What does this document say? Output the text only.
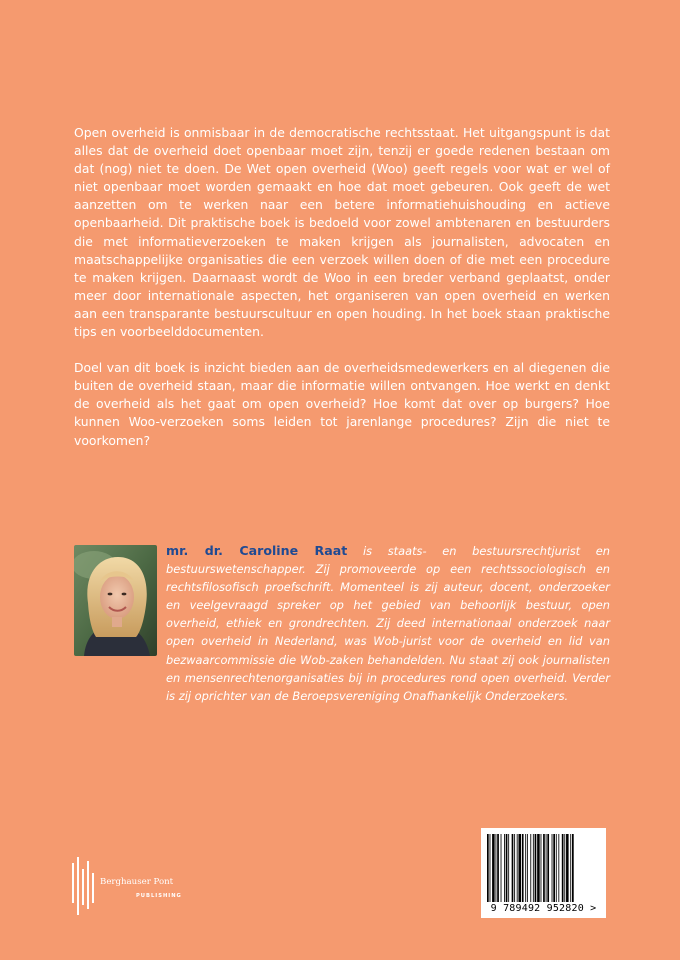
Open overheid is onmisbaar in de democratische rechtsstaat. Het uitgangspunt is dat alles dat de overheid doet openbaar moet zijn, tenzij er goede redenen bestaan om dat (nog) niet te doen. De Wet open overheid (Woo) geeft regels voor wat er wel of niet openbaar moet worden gemaakt en hoe dat moet gebeuren. Ook geeft de wet aanzetten om te werken naar een betere informatiehuishouding en actieve openbaarheid. Dit praktische boek is bedoeld voor zowel ambtenaren en bestuurders die met informatieverzoeken te maken krijgen als journalisten, advocaten en maatschappelijke organisaties die een verzoek willen doen of die met een procedure te maken krijgen. Daarnaast wordt de Woo in een breder verband geplaatst, onder meer door internationale aspecten, het organiseren van open overheid en werken aan een transparante bestuurscultuur en open houding. In het boek staan praktische tips en voorbeelddocumenten.

Doel van dit boek is inzicht bieden aan de overheidsmedewerkers en al diegenen die buiten de overheid staan, maar die informatie willen ontvangen. Hoe werkt en denkt de overheid als het gaat om open overheid? Hoe komt dat over op burgers? Hoe kunnen Woo-verzoeken soms leiden tot jarenlange procedures? Zijn die niet te voorkomen?

mr. dr. Caroline Raat is staats- en bestuursrechtjurist en bestuurswetenschapper. Zij promoveerde op een rechtssociologisch en rechtsfilosofisch proefschrift. Momenteel is zij auteur, docent, onderzoeker en veelgevraagd spreker op het gebied van behoorlijk bestuur, open overheid, ethiek en grondrechten. Zij deed internationaal onderzoek naar open overheid in Nederland, was Wob-jurist voor de overheid en lid van bezwaarcommissie die Wob-zaken behandelden. Nu staat zij ook journalisten en mensenrechtenorganisaties bij in procedures rond open overheid. Verder is zij oprichter van de Beroepsvereniging Onafhankelijk Onderzoekers.
Berghauser Pont
PUBLISHING
9 789492 952820 >
